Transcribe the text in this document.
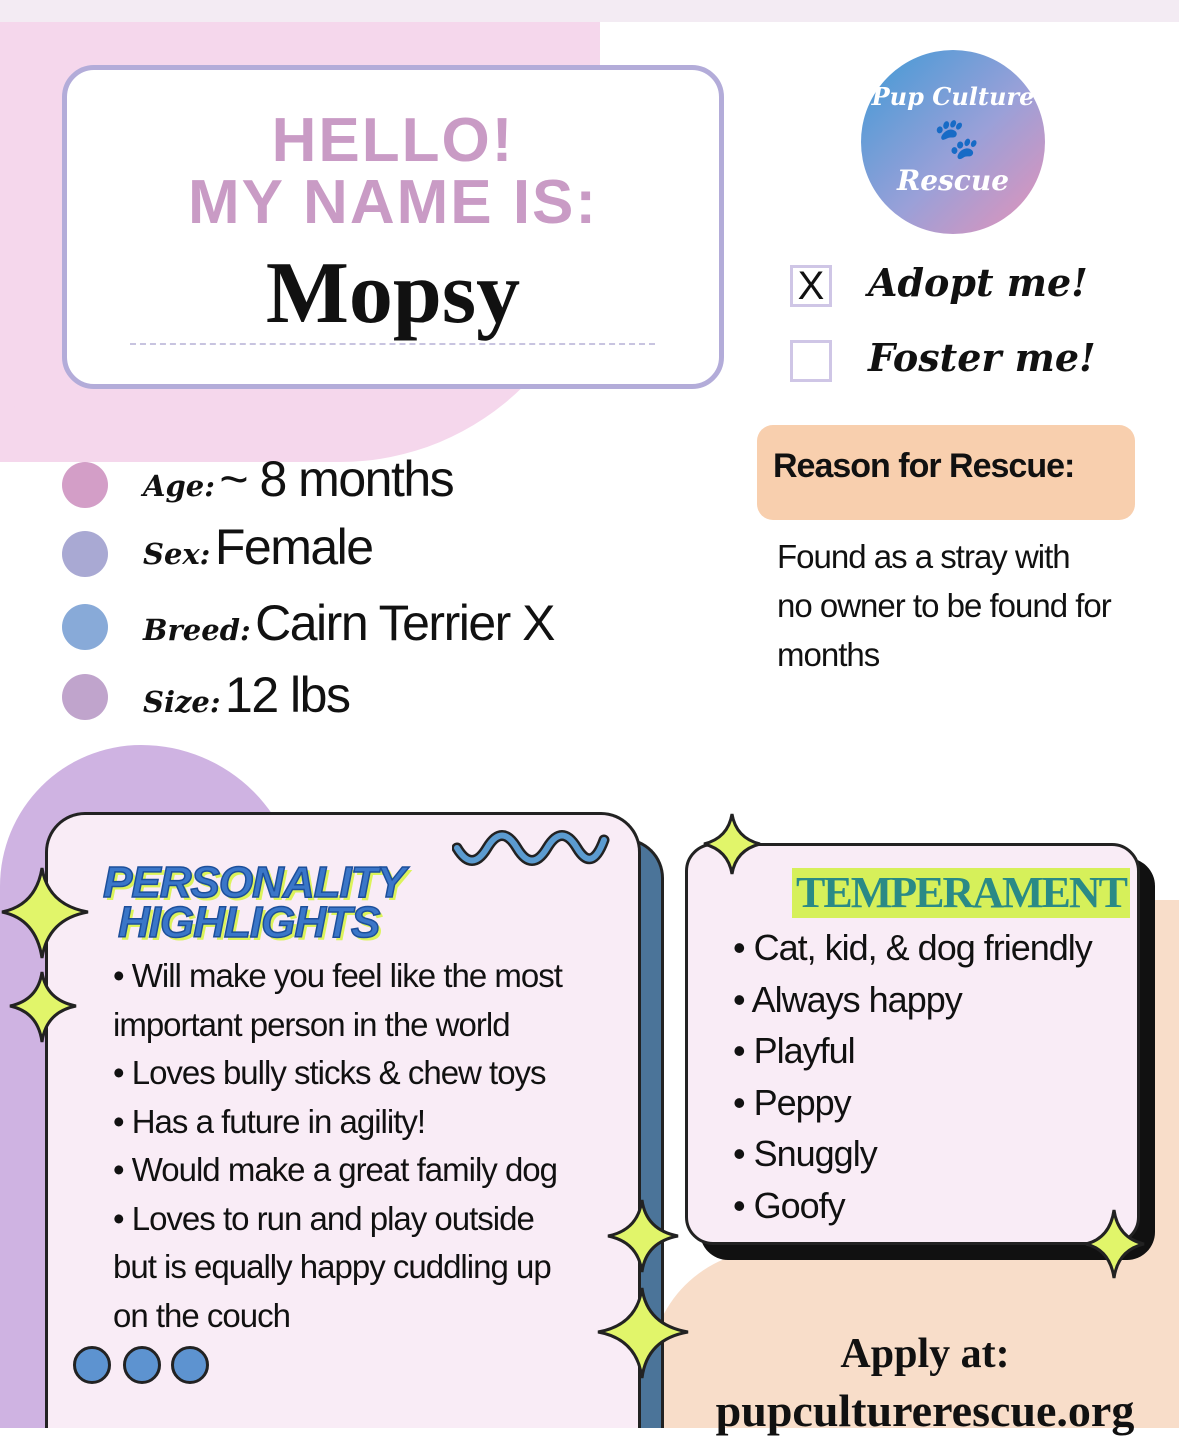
HELLO!
MY NAME IS:
Mopsy
Pup Culture
🐾
Rescue
X Adopt me!
Foster me!
Reason for Rescue:
Found as a stray with
no owner to be found for
months
Age: ~ 8 months
Sex: Female
Breed: Cairn Terrier X
Size: 12 lbs
PERSONALITY
HIGHLIGHTS
• Will make you feel like the most
important person in the world
• Loves bully sticks & chew toys
• Has a future in agility!
• Would make a great family dog
• Loves to run and play outside
but is equally happy cuddling up
on the couch
TEMPERAMENT
• Cat, kid, & dog friendly
• Always happy
• Playful
• Peppy
• Snuggly
• Goofy
Apply at:
pupculturerescue.org
